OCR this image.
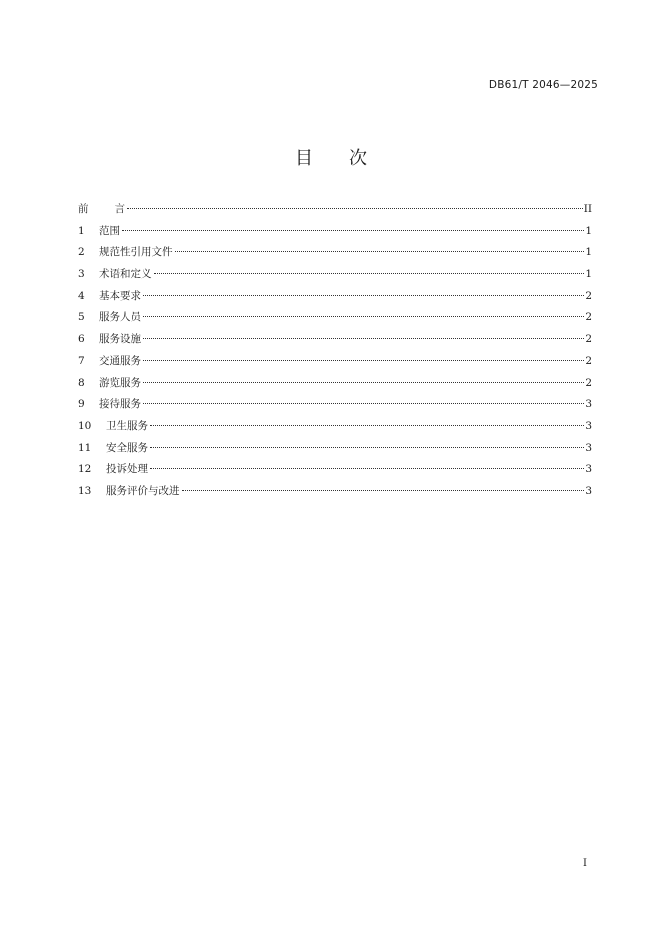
DB61/T 2046—2025
目 次
前 言	II
1	范围	1
2	规范性引用文件	1
3	术语和定义	1
4	基本要求	2
5	服务人员	2
6	服务设施	2
7	交通服务	2
8	游览服务	2
9	接待服务	3
10	卫生服务	3
11	安全服务	3
12	投诉处理	3
13	服务评价与改进	3
I
